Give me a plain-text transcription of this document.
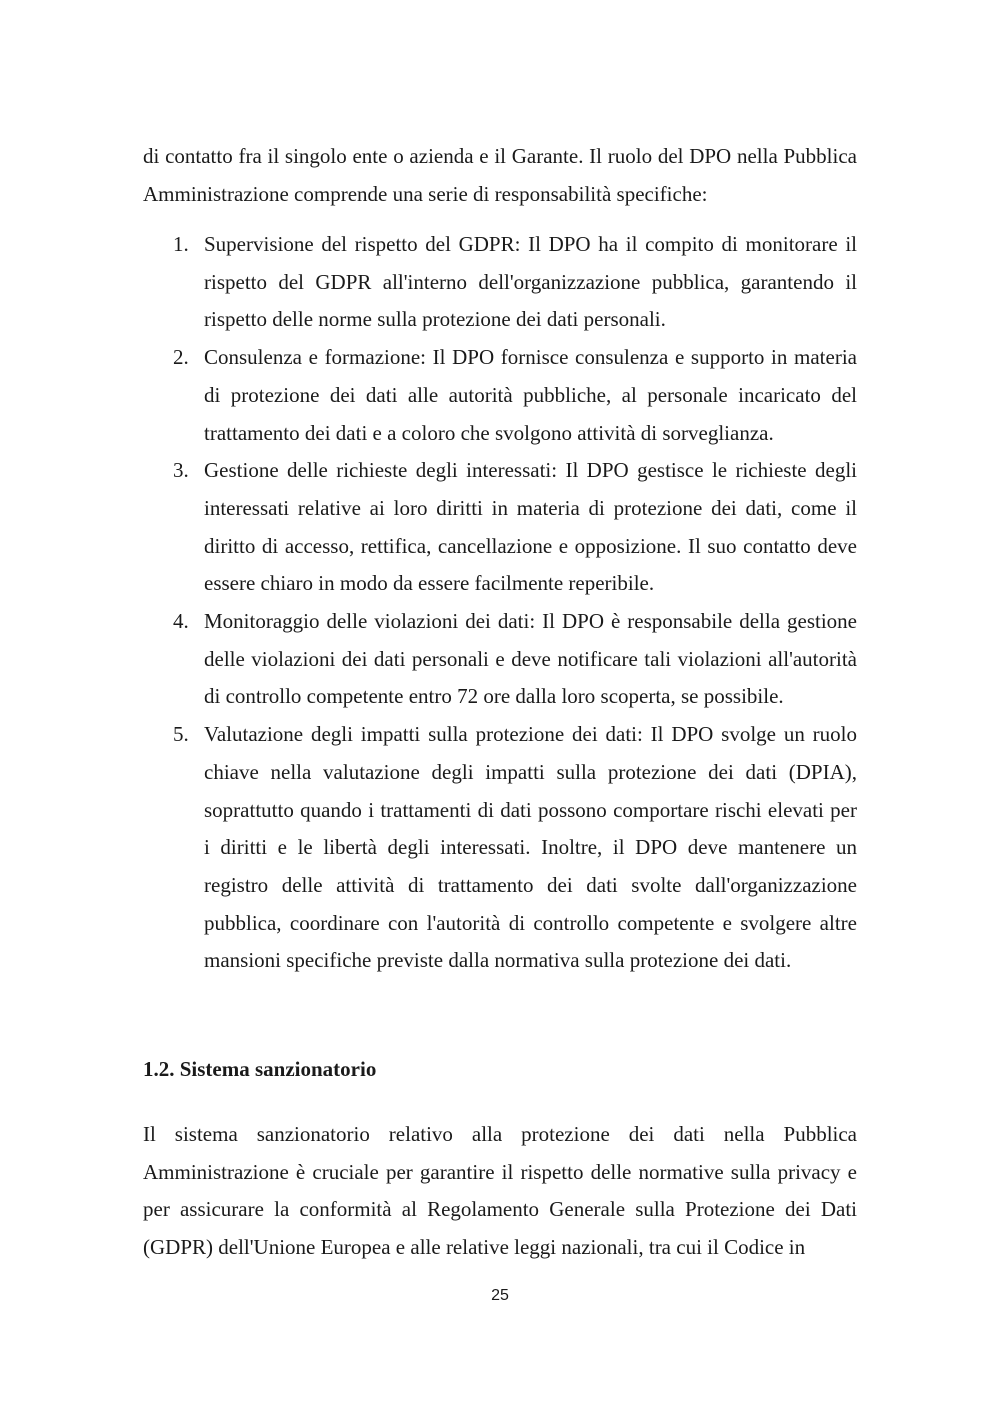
di contatto fra il singolo ente o azienda e il Garante. Il ruolo del DPO nella Pubblica Amministrazione comprende una serie di responsabilità specifiche:

1. Supervisione del rispetto del GDPR: Il DPO ha il compito di monitorare il rispetto del GDPR all'interno dell'organizzazione pubblica, garantendo il rispetto delle norme sulla protezione dei dati personali.
2. Consulenza e formazione: Il DPO fornisce consulenza e supporto in materia di protezione dei dati alle autorità pubbliche, al personale incaricato del trattamento dei dati e a coloro che svolgono attività di sorveglianza.
3. Gestione delle richieste degli interessati: Il DPO gestisce le richieste degli interessati relative ai loro diritti in materia di protezione dei dati, come il diritto di accesso, rettifica, cancellazione e opposizione. Il suo contatto deve essere chiaro in modo da essere facilmente reperibile.
4. Monitoraggio delle violazioni dei dati: Il DPO è responsabile della gestione delle violazioni dei dati personali e deve notificare tali violazioni all'autorità di controllo competente entro 72 ore dalla loro scoperta, se possibile.
5. Valutazione degli impatti sulla protezione dei dati: Il DPO svolge un ruolo chiave nella valutazione degli impatti sulla protezione dei dati (DPIA), soprattutto quando i trattamenti di dati possono comportare rischi elevati per i diritti e le libertà degli interessati. Inoltre, il DPO deve mantenere un registro delle attività di trattamento dei dati svolte dall'organizzazione pubblica, coordinare con l'autorità di controllo competente e svolgere altre mansioni specifiche previste dalla normativa sulla protezione dei dati.
1.2. Sistema sanzionatorio

Il sistema sanzionatorio relativo alla protezione dei dati nella Pubblica Amministrazione è cruciale per garantire il rispetto delle normative sulla privacy e per assicurare la conformità al Regolamento Generale sulla Protezione dei Dati (GDPR) dell'Unione Europea e alle relative leggi nazionali, tra cui il Codice in

25
